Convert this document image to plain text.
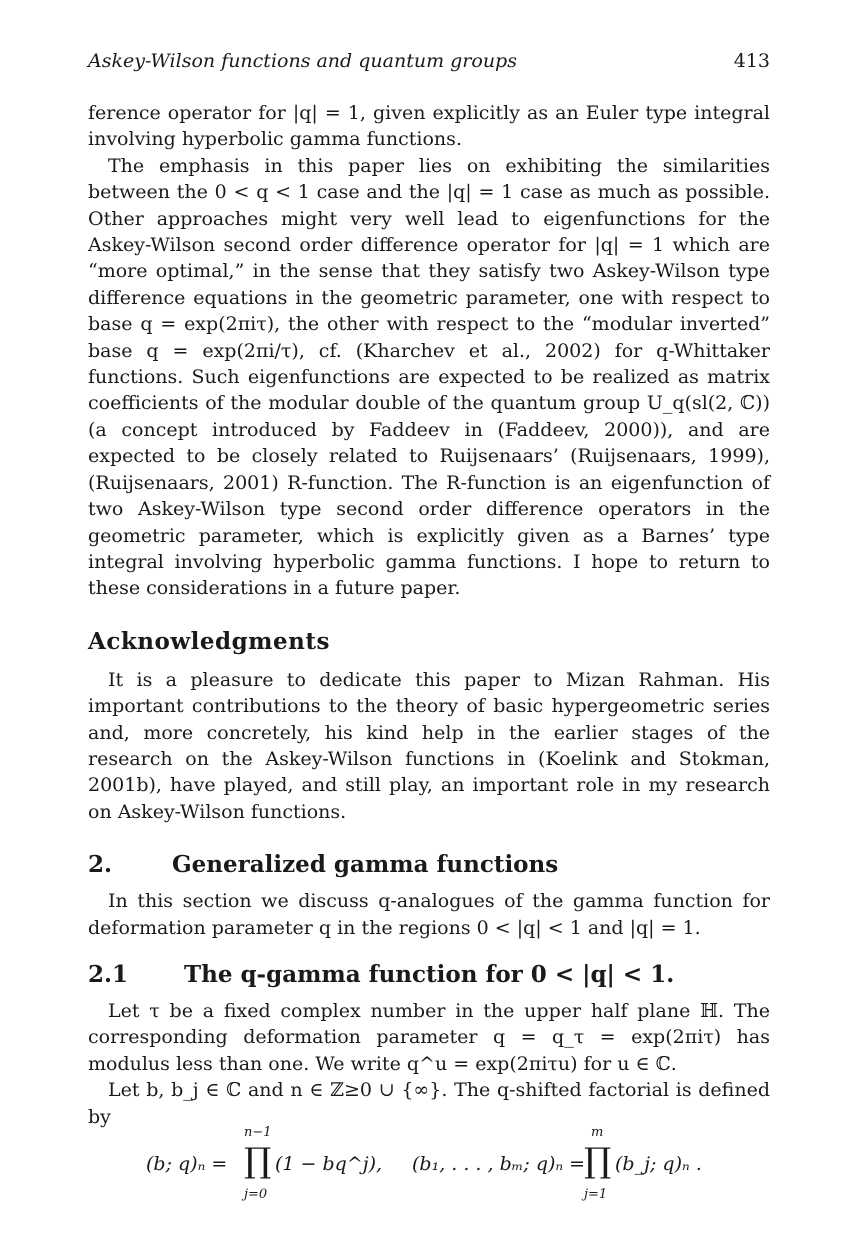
Askey-Wilson functions and quantum groups	413

ference operator for |q| = 1, given explicitly as an Euler type integral involving hyperbolic gamma functions.

The emphasis in this paper lies on exhibiting the similarities between the 0 < q < 1 case and the |q| = 1 case as much as possible. Other approaches might very well lead to eigenfunctions for the Askey-Wilson second order difference operator for |q| = 1 which are “more optimal,” in the sense that they satisfy two Askey-Wilson type difference equations in the geometric parameter, one with respect to base q = exp(2πiτ), the other with respect to the “modular inverted” base q = exp(2πi/τ), cf. (Kharchev et al., 2002) for q-Whittaker functions. Such eigenfunctions are expected to be realized as matrix coefficients of the modular double of the quantum group U_q(sl(2, ℂ)) (a concept introduced by Faddeev in (Faddeev, 2000)), and are expected to be closely related to Ruijsenaars’ (Ruijsenaars, 1999), (Ruijsenaars, 2001) R-function. The R-function is an eigenfunction of two Askey-Wilson type second order difference operators in the geometric parameter, which is explicitly given as a Barnes’ type integral involving hyperbolic gamma functions. I hope to return to these considerations in a future paper.

Acknowledgments

It is a pleasure to dedicate this paper to Mizan Rahman. His important contributions to the theory of basic hypergeometric series and, more concretely, his kind help in the earlier stages of the research on the Askey-Wilson functions in (Koelink and Stokman, 2001b), have played, and still play, an important role in my research on Askey-Wilson functions.

2.	Generalized gamma functions

In this section we discuss q-analogues of the gamma function for deformation parameter q in the regions 0 < |q| < 1 and |q| = 1.

2.1	The q-gamma function for 0 < |q| < 1.

Let τ be a fixed complex number in the upper half plane ℍ. The corresponding deformation parameter q = q_τ = exp(2πiτ) has modulus less than one. We write q^u = exp(2πiτu) for u ∈ ℂ.

Let b, b_j ∈ ℂ and n ∈ ℤ≥0 ∪ {∞}. The q-shifted factorial is defined by

(b; q)ₙ =
n−1
∏
j=0
(1 − bq^j), (b₁, . . . , bₘ; q)ₙ =
m
∏
j=1
(b_j; q)ₙ .
